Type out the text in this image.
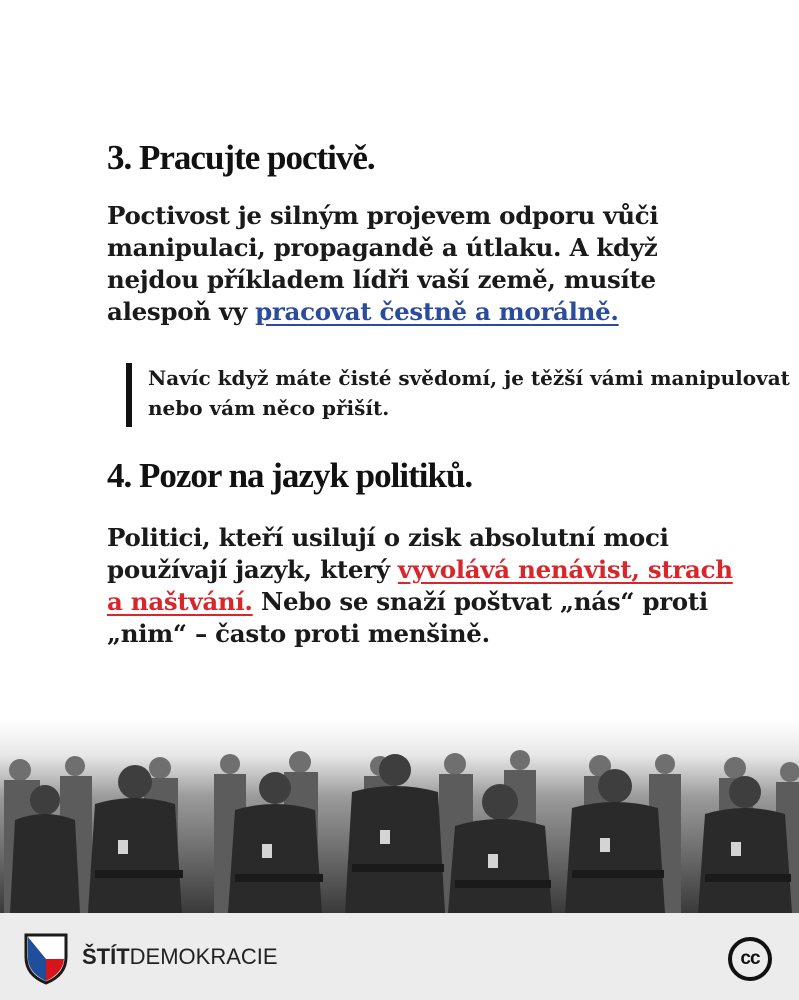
3. Pracujte poctivě.

Poctivost je silným projevem odporu vůči manipulaci, propagandě a útlaku. A když nejdou příkladem lídři vaší země, musíte alespoň vy pracovat čestně a morálně.

Navíc když máte čisté svědomí, je těžší vámi manipulovat nebo vám něco přišít.
4. Pozor na jazyk politiků.

Politici, kteří usilují o zisk absolutní moci používají jazyk, který vyvolává nenávist, strach a naštvání. Nebo se snaží poštvat „nás“ proti „nim“ – často proti menšině.

ŠTÍTDEMOKRACIE	cc
